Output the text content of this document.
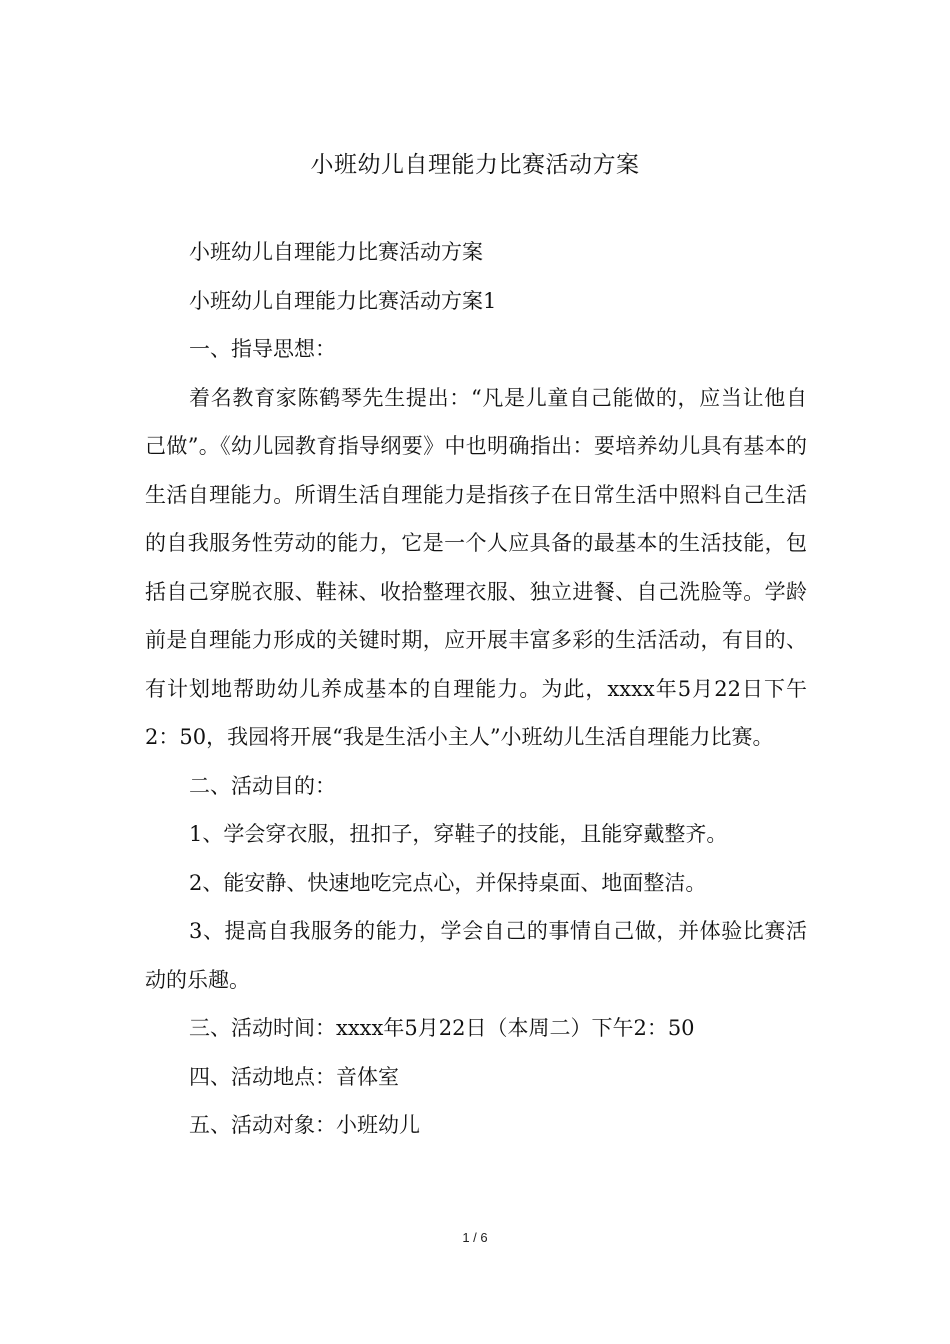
小班幼儿自理能力比赛活动方案

小班幼儿自理能力比赛活动方案

小班幼儿自理能力比赛活动方案1

一、指导思想：

着名教育家陈鹤琴先生提出：“凡是儿童自己能做的，应当让他自己做”。《幼儿园教育指导纲要》中也明确指出：要培养幼儿具有基本的生活自理能力。所谓生活自理能力是指孩子在日常生活中照料自己生活的自我服务性劳动的能力，它是一个人应具备的最基本的生活技能，包括自己穿脱衣服、鞋袜、收拾整理衣服、独立进餐、自己洗脸等。学龄前是自理能力形成的关键时期，应开展丰富多彩的生活活动，有目的、有计划地帮助幼儿养成基本的自理能力。为此，xxxx年5月22日下午2：50，我园将开展“我是生活小主人”小班幼儿生活自理能力比赛。

二、活动目的：

1、学会穿衣服，扭扣子，穿鞋子的技能，且能穿戴整齐。

2、能安静、快速地吃完点心，并保持桌面、地面整洁。

3、提高自我服务的能力，学会自己的事情自己做，并体验比赛活动的乐趣。

三、活动时间：xxxx年5月22日（本周二）下午2：50

四、活动地点：音体室

五、活动对象：小班幼儿

1 / 6
